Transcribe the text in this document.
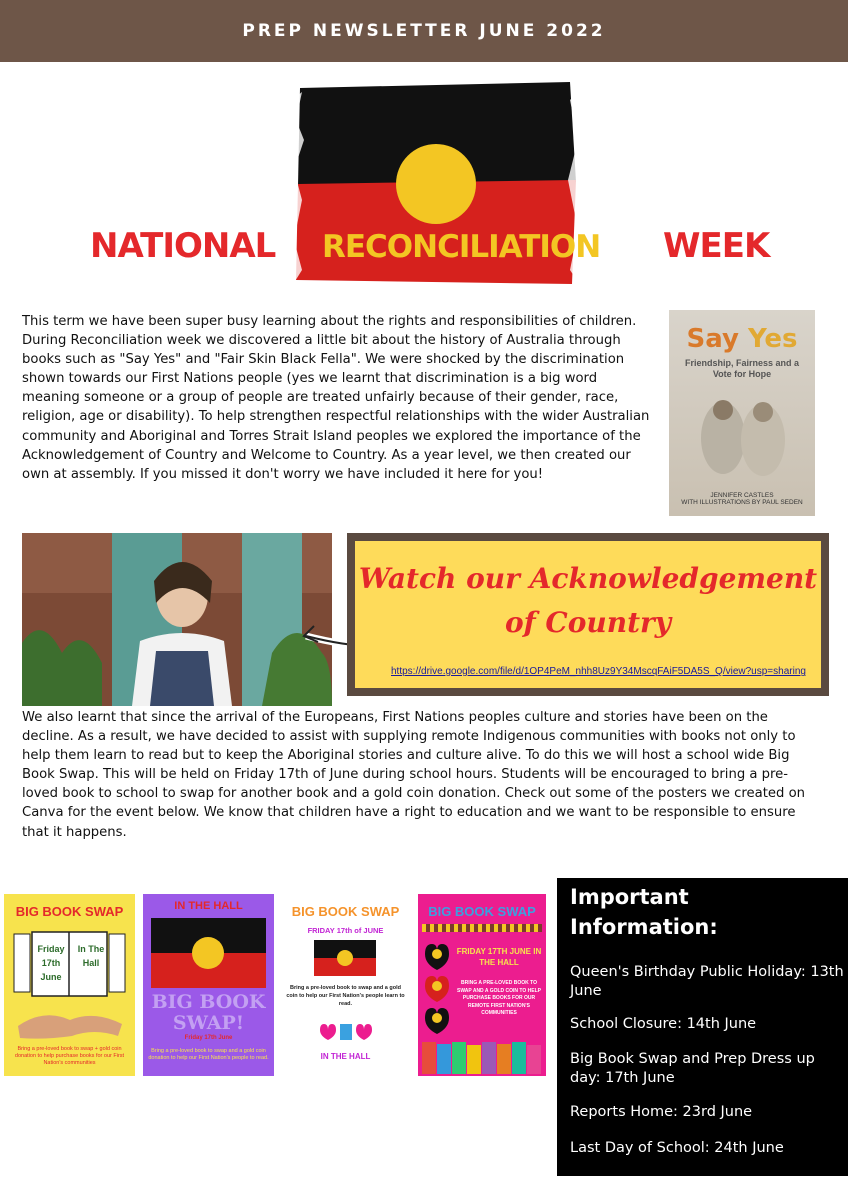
PREP NEWSLETTER JUNE 2022
NATIONAL RECONCILIATION WEEK
This term we have been super busy learning about the rights and responsibilities of children. During Reconciliation week we discovered a little bit about the history of Australia through books such as "Say Yes" and "Fair Skin Black Fella". We were shocked by the discrimination shown towards our First Nations people (yes we learnt that discrimination is a big word meaning someone or a group of people are treated unfairly because of their gender, race, religion, age or disability). To help strengthen respectful relationships with the wider Australian community and Aboriginal and Torres Strait Island peoples we explored the importance of the Acknowledgement of Country and Welcome to Country. As a year level, we then created our own at assembly. If you missed it don't worry we have included it here for you!
Say Yes
Friendship, Fairness and a Vote for Hope
JENNIFER CASTLES
WITH ILLUSTRATIONS BY PAUL SEDEN
Watch our Acknowledgement
of Country
https://drive.google.com/file/d/1OP4PeM_nhh8Uz9Y34MscqFAiF5DA5S_Q/view?usp=sharing
We also learnt that since the arrival of the Europeans, First Nations peoples culture and stories have been on the decline. As a result, we have decided to assist with supplying remote Indigenous communities with books not only to help them learn to read but to keep the Aboriginal stories and culture alive. To do this we will host a school wide Big Book Swap. This will be held on Friday 17th of June during school hours. Students will be encouraged to bring a pre-loved book to school to swap for another book and a gold coin donation. Check out some of the posters we created on Canva for the event below. We know that children have a right to education and we want to be responsible to ensure that it happens.
BIG BOOK SWAP
Friday 17th June
In The Hall
Bring a pre-loved book to swap + gold coin donation to help purchase books for our First Nation's communities
IN THE HALL
BIG BOOK SWAP!
Friday 17th June
Bring a pre-loved book to swap and a gold coin donation to help our First Nation's people to read.
BIG BOOK SWAP
FRIDAY 17th of JUNE
Bring a pre-loved book to swap and a gold coin to help our First Nation's people learn to read.
IN THE HALL
BIG BOOK SWAP
FRIDAY 17TH JUNE IN THE HALL
BRING A PRE-LOVED BOOK TO SWAP AND A GOLD COIN TO HELP PURCHASE BOOKS FOR OUR REMOTE FIRST NATION'S COMMUNITIES
Important
Information:
Queen's Birthday Public Holiday: 13th June
School Closure: 14th June
Big Book Swap and Prep Dress up day: 17th June
Reports Home: 23rd June
Last Day of School: 24th June
